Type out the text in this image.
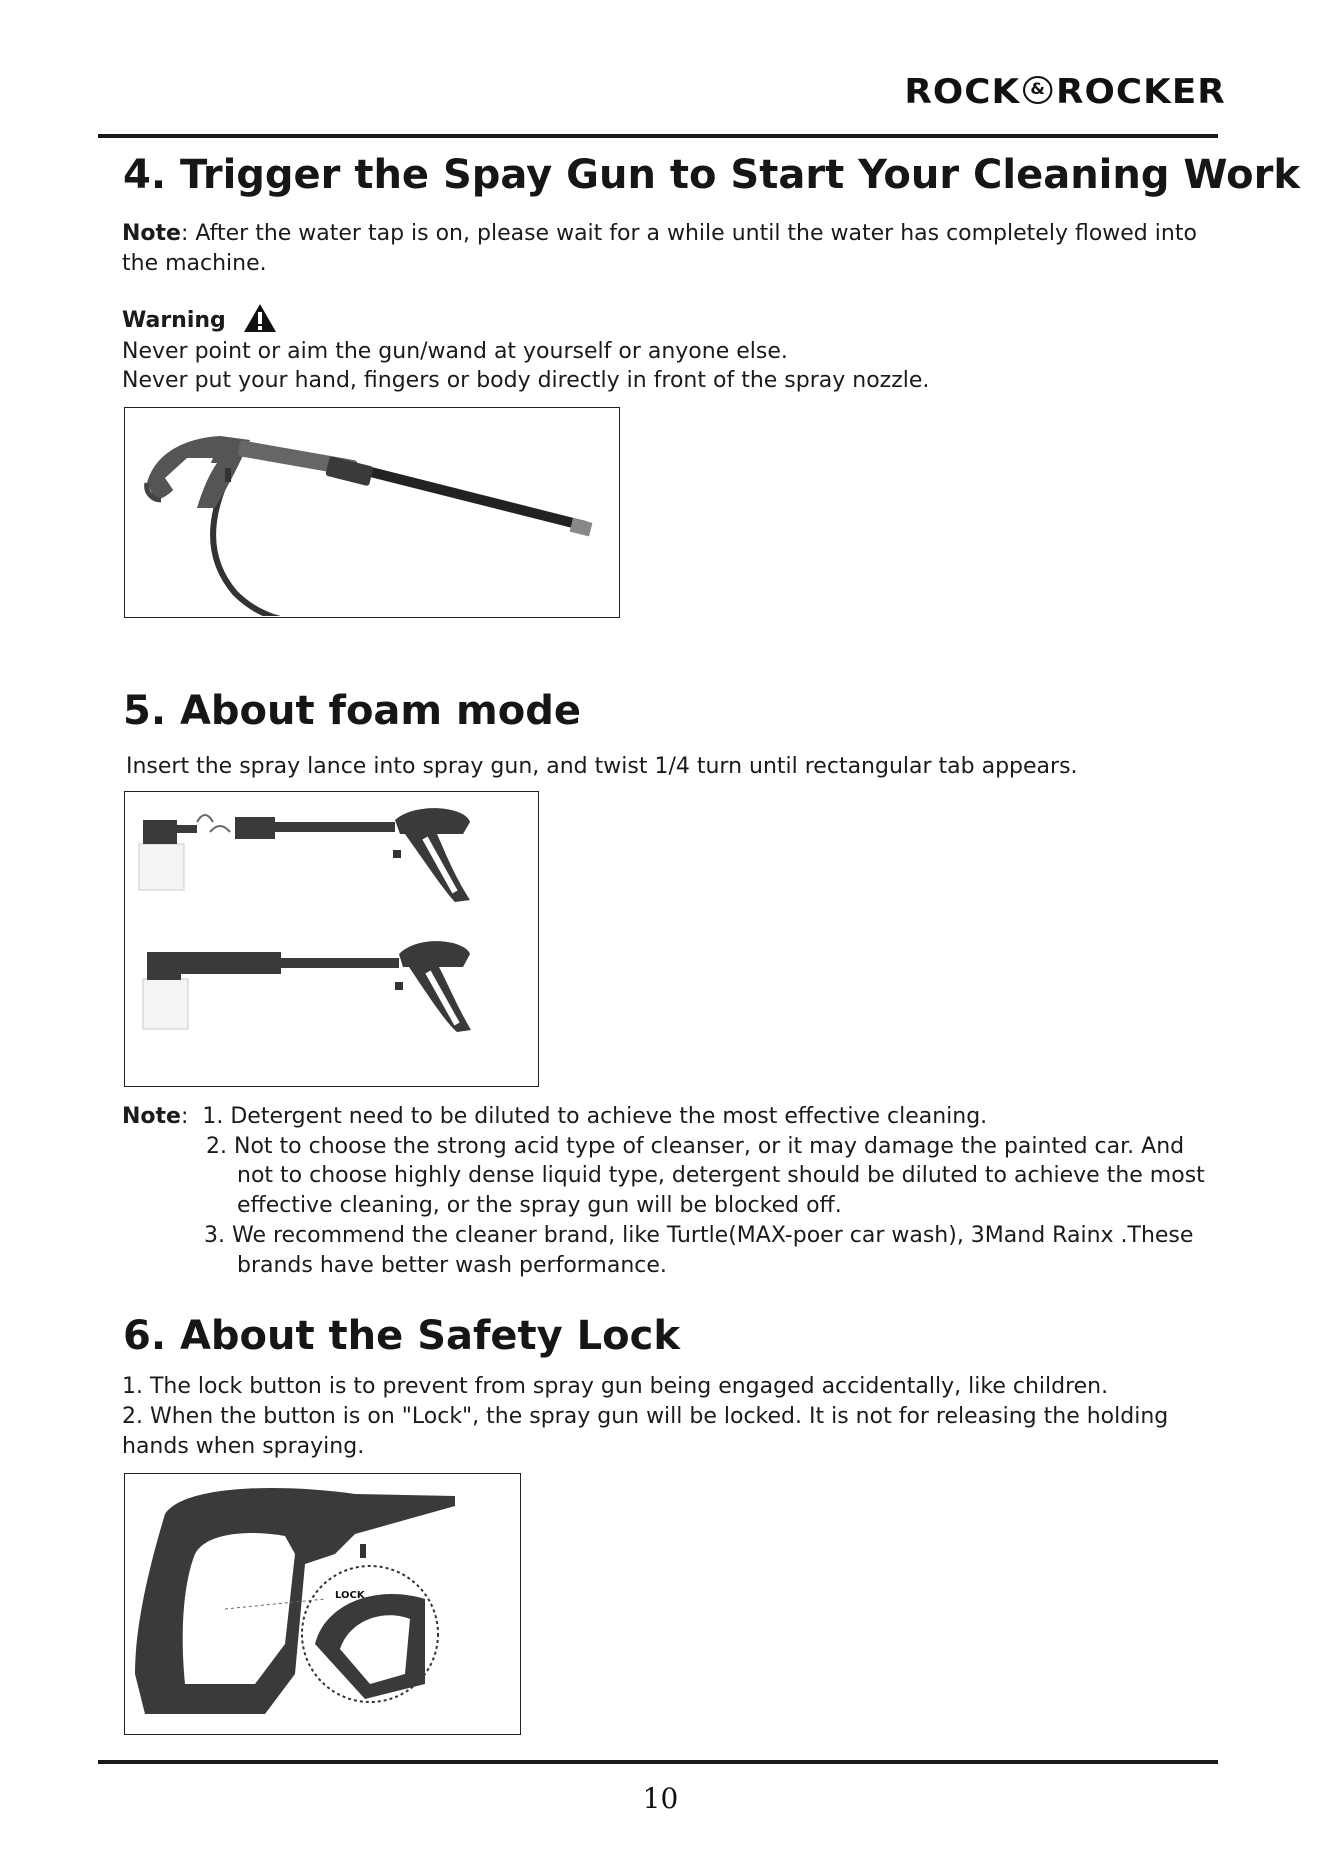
ROCK & ROCKER
4. Trigger the Spay Gun to Start Your Cleaning Work
Note: After the water tap is on, please wait for a while until the water has completely flowed into
the machine.
Warning
Never point or aim the gun/wand at yourself or anyone else.
Never put your hand, fingers or body directly in front of the spray nozzle.
5. About foam mode
Insert the spray lance into spray gun, and twist 1/4 turn until rectangular tab appears.
Note:  1. Detergent need to be diluted to achieve the most effective cleaning.
2. Not to choose the strong acid type of cleanser, or it may damage the painted car. And
not to choose highly dense liquid type, detergent should be diluted to achieve the most
effective cleaning, or the spray gun will be blocked off.
3. We recommend the cleaner brand, like Turtle(MAX-poer car wash), 3Mand Rainx .These
brands have better wash performance.
6. About the Safety Lock
1. The lock button is to prevent from spray gun being engaged accidentally, like children.
2. When the button is on "Lock", the spray gun will be locked. It is not for releasing the holding
hands when spraying.
UNLOCK
LOCK
10
